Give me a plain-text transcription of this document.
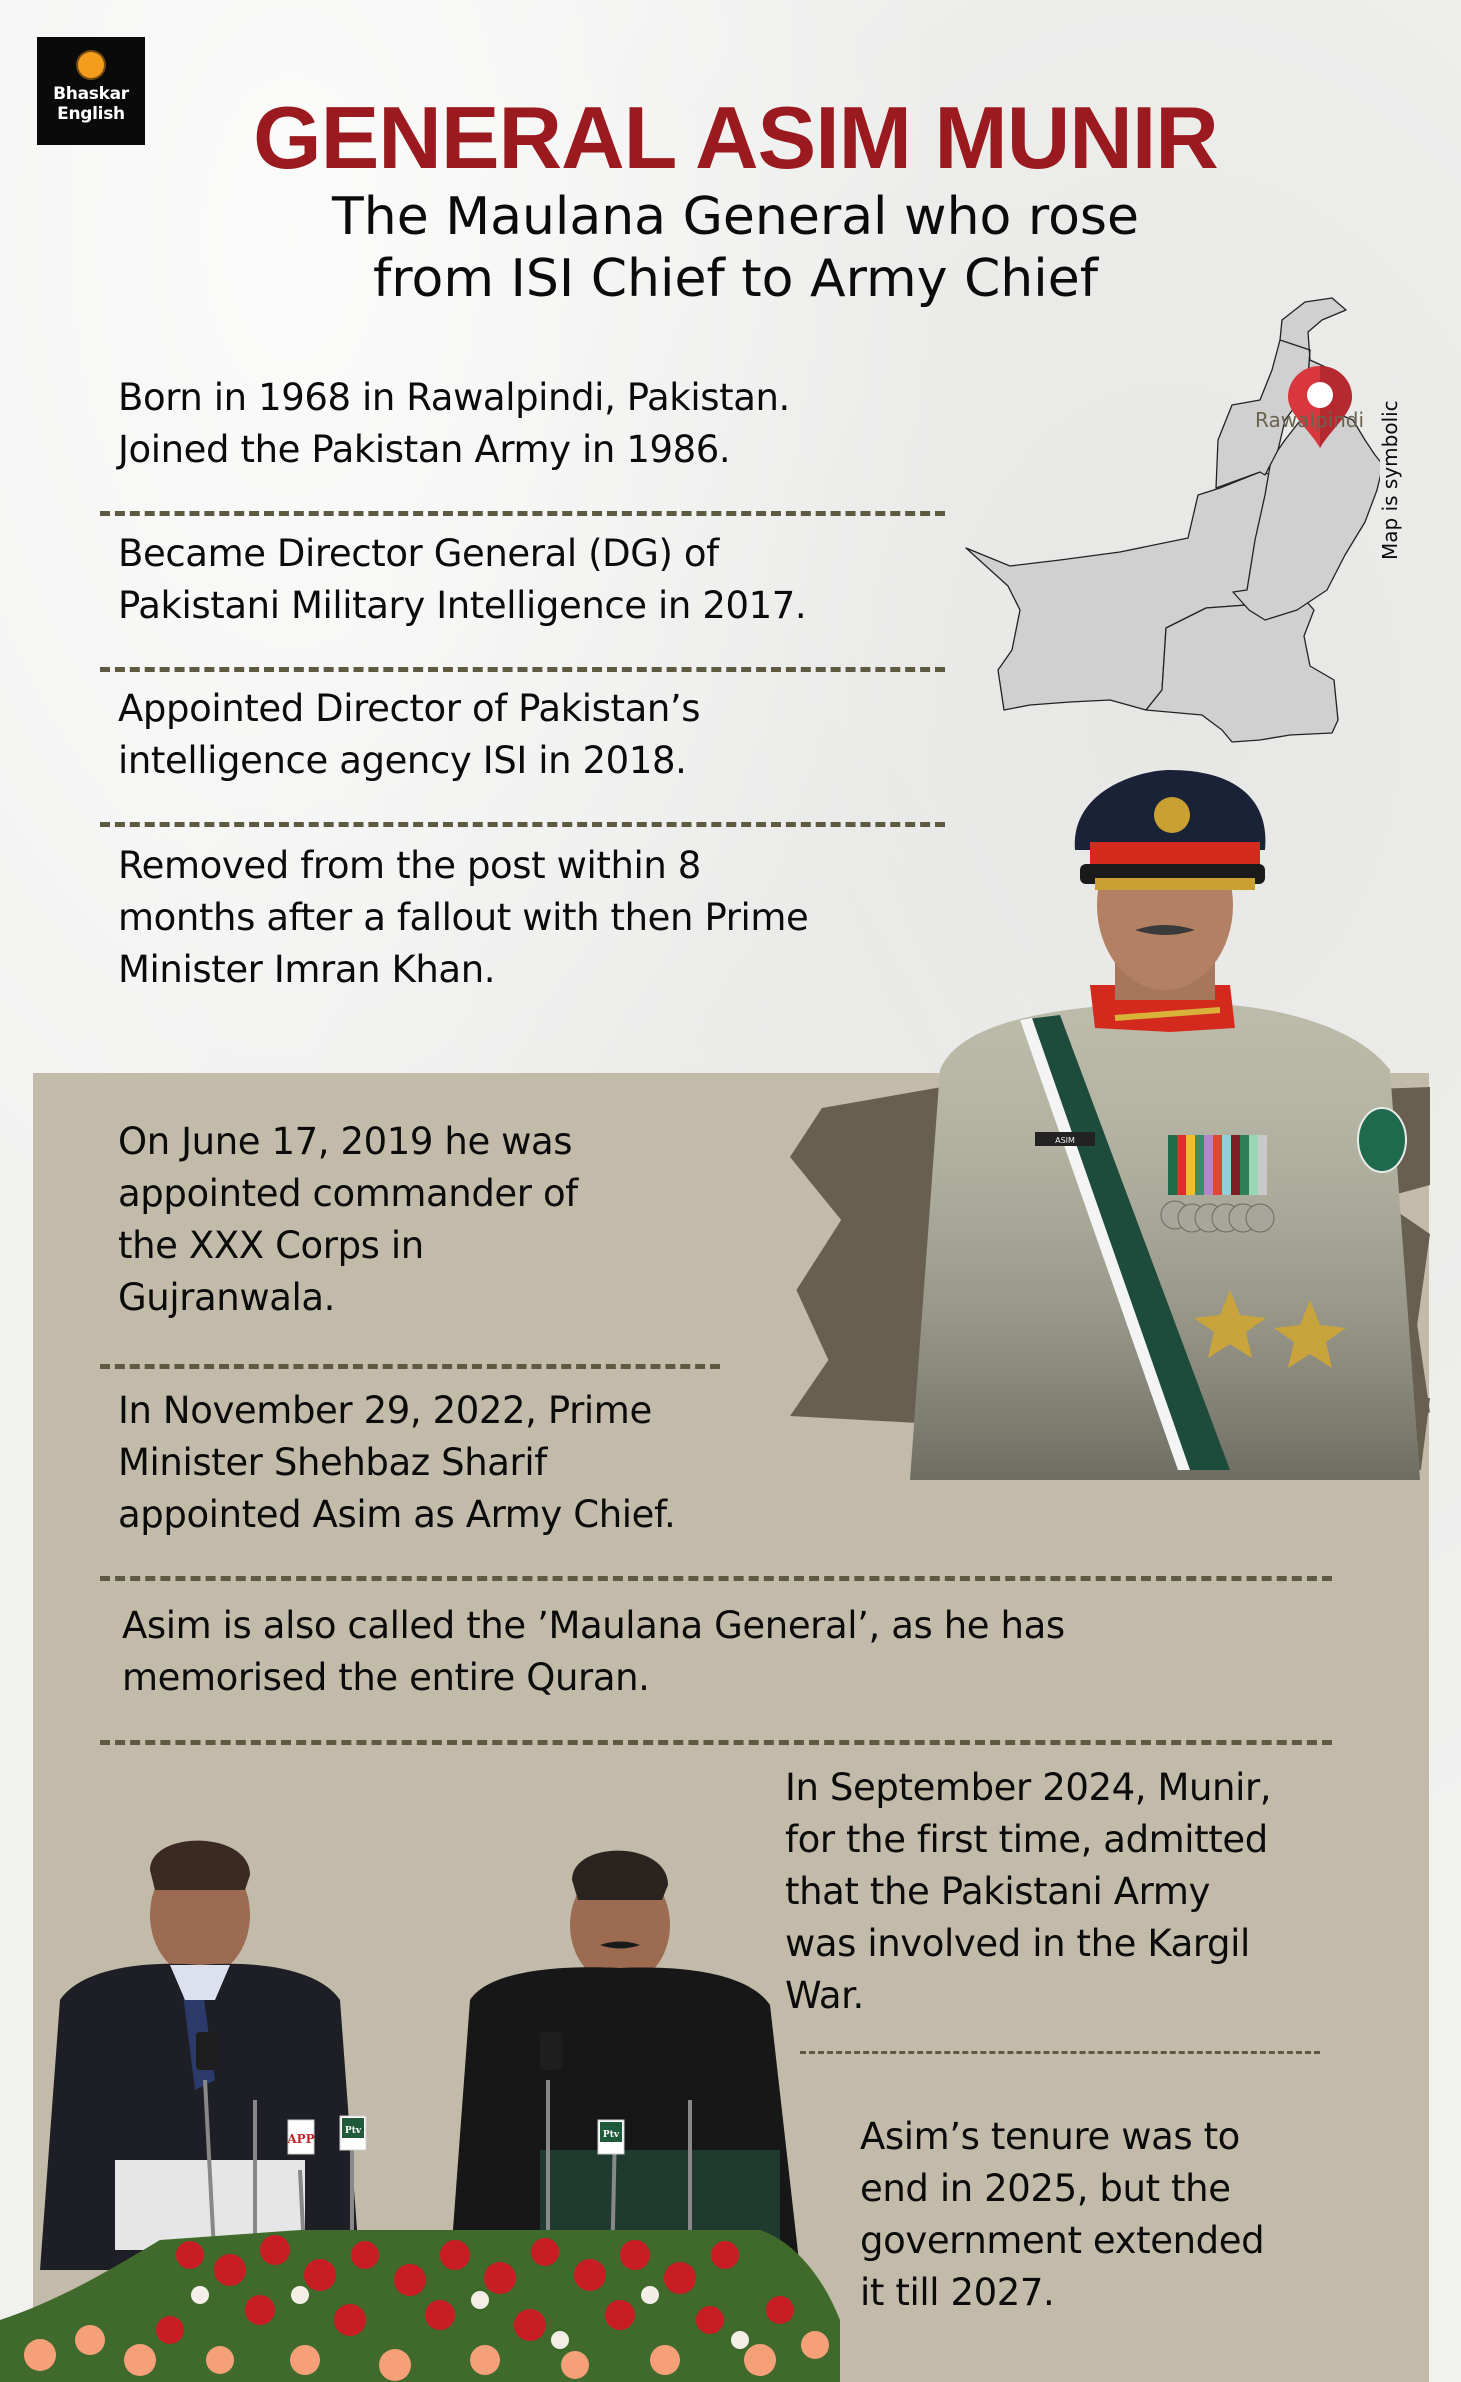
Bhaskar
English	GENERAL ASIM MUNIR
The Maulana General who rose
from ISI Chief to Army Chief
Born in 1968 in Rawalpindi, Pakistan.
Joined the Pakistan Army in 1986.
Became Director General (DG) of
Pakistani Military Intelligence in 2017.
Appointed Director of Pakistan’s
intelligence agency ISI in 2018.
Removed from the post within 8
months after a fallout with then Prime
Minister Imran Khan.
Rawalpindi Map is symbolic
ASIM
On June 17, 2019 he was
appointed commander of
the XXX Corps in
Gujranwala.
In November 29, 2022, Prime
Minister Shehbaz Sharif
appointed Asim as Army Chief.
Asim is also called the ’Maulana General’, as he has
memorised the entire Quran.
APP
Ptv	Ptv
In September 2024, Munir,
for the first time, admitted
that the Pakistani Army
was involved in the Kargil
War.
Asim’s tenure was to
end in 2025, but the
government extended
it till 2027.
